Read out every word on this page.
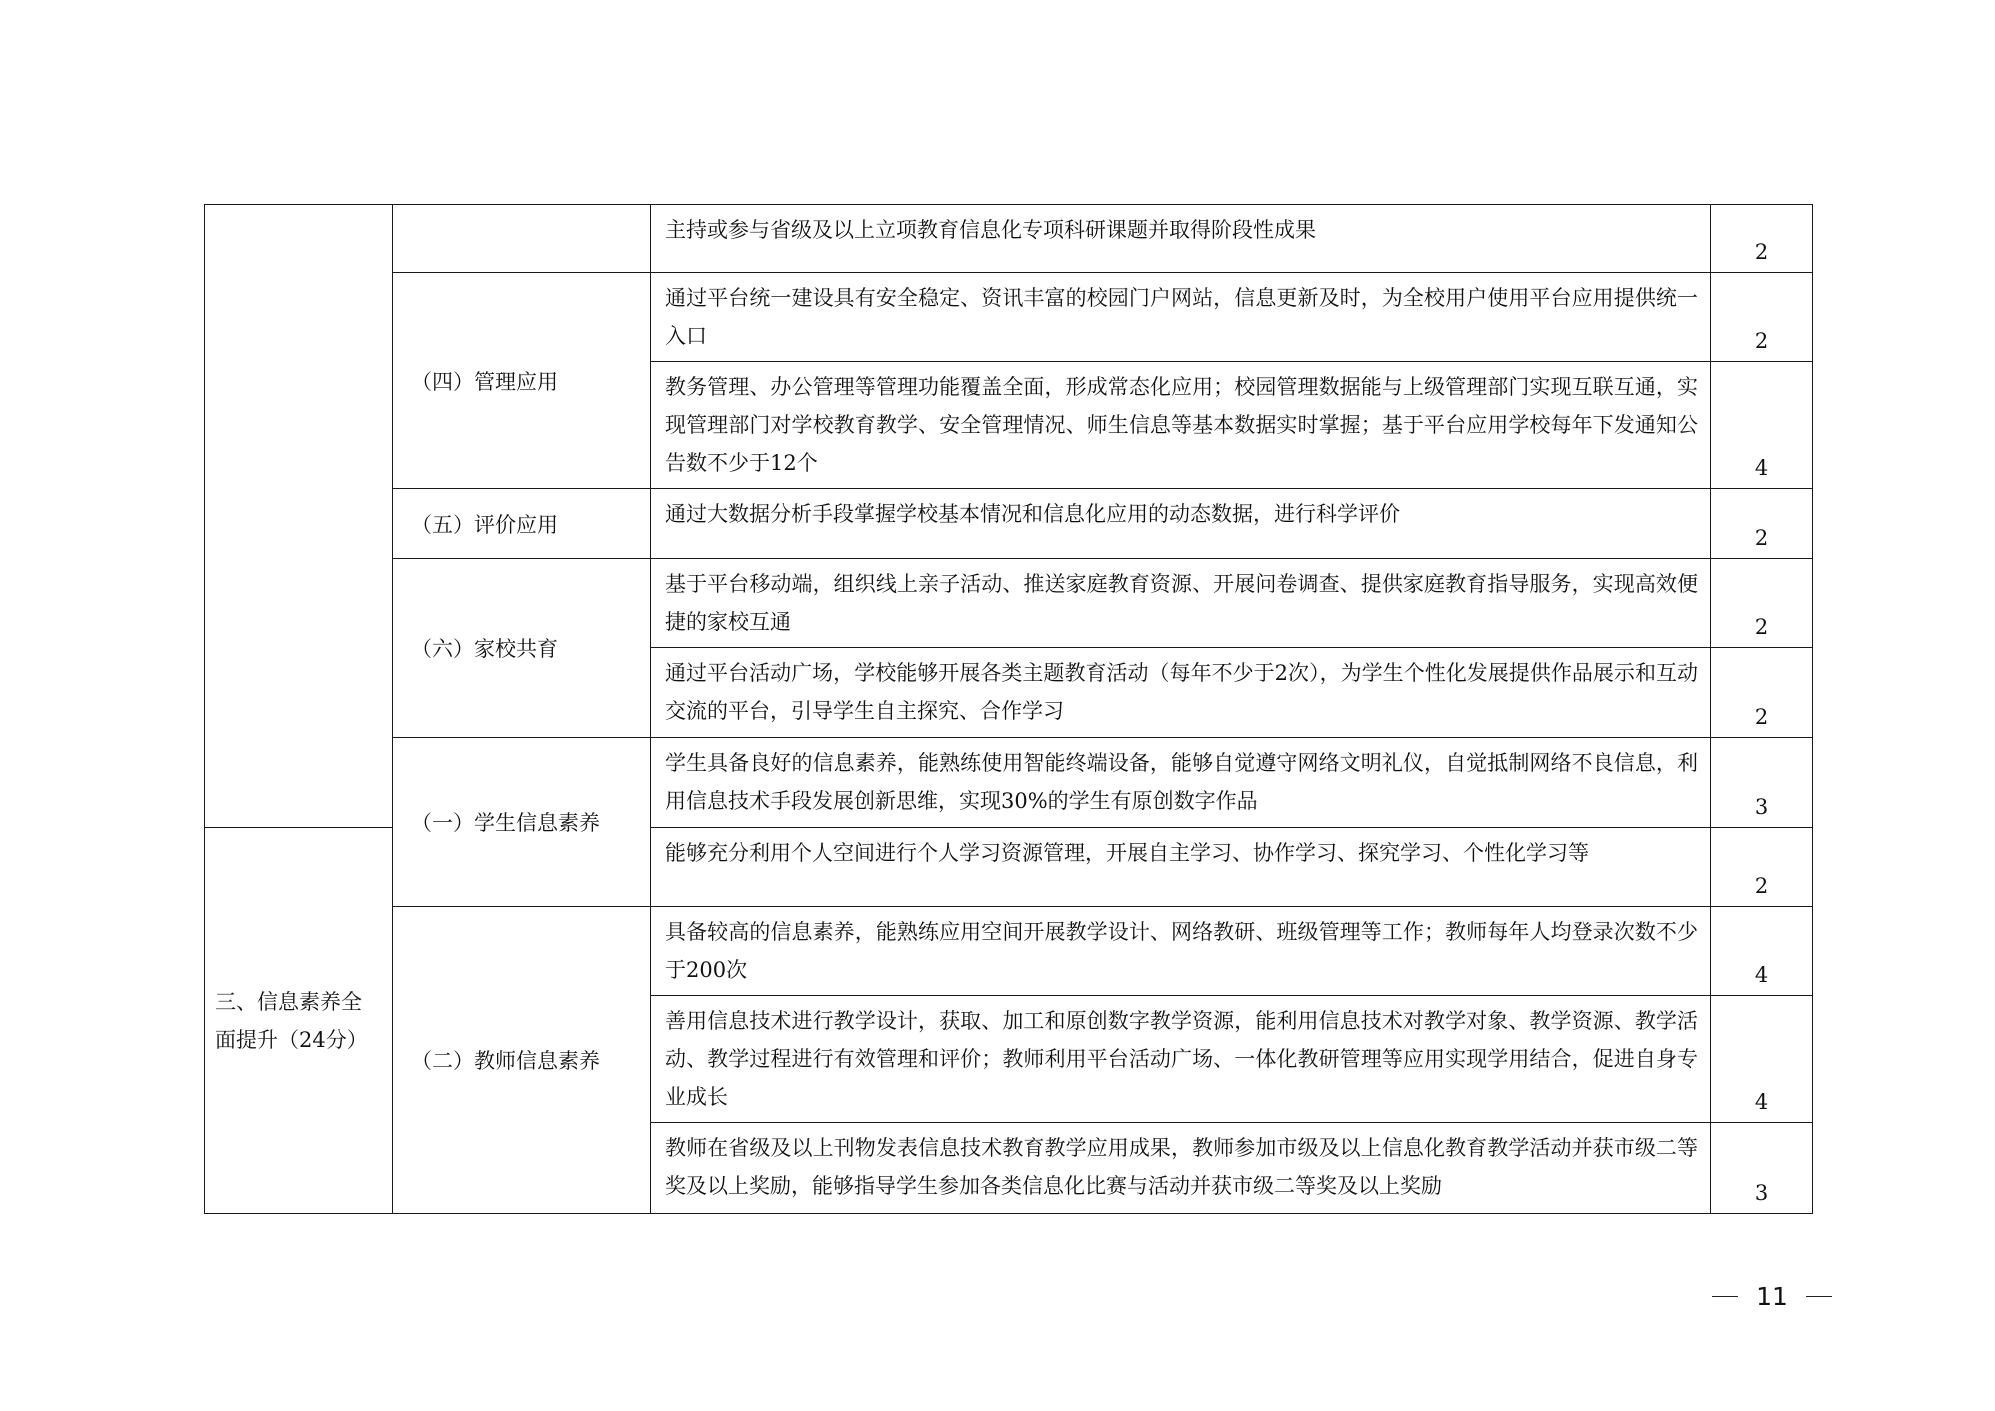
		主持或参与省级及以上立项教育信息化专项科研课题并取得阶段性成果	2
	（四）管理应用	通过平台统一建设具有安全稳定、资讯丰富的校园门户网站，信息更新及时，为全校用户使用平台应用提供统一入口	2
		教务管理、办公管理等管理功能覆盖全面，形成常态化应用；校园管理数据能与上级管理部门实现互联互通，实现管理部门对学校教育教学、安全管理情况、师生信息等基本数据实时掌握；基于平台应用学校每年下发通知公告数不少于12个	4
	（五）评价应用	通过大数据分析手段掌握学校基本情况和信息化应用的动态数据，进行科学评价	2
	（六）家校共育	基于平台移动端，组织线上亲子活动、推送家庭教育资源、开展问卷调查、提供家庭教育指导服务，实现高效便捷的家校互通	2
		通过平台活动广场，学校能够开展各类主题教育活动（每年不少于2次），为学生个性化发展提供作品展示和互动交流的平台，引导学生自主探究、合作学习	2
	（一）学生信息素养	学生具备良好的信息素养，能熟练使用智能终端设备，能够自觉遵守网络文明礼仪，自觉抵制网络不良信息，利用信息技术手段发展创新思维，实现30%的学生有原创数字作品	3
三、信息素养全面提升（24分）		能够充分利用个人空间进行个人学习资源管理，开展自主学习、协作学习、探究学习、个性化学习等	2
	（二）教师信息素养	具备较高的信息素养，能熟练应用空间开展教学设计、网络教研、班级管理等工作；教师每年人均登录次数不少于200次	4
		善用信息技术进行教学设计，获取、加工和原创数字教学资源，能利用信息技术对教学对象、教学资源、教学活动、教学过程进行有效管理和评价；教师利用平台活动广场、一体化教研管理等应用实现学用结合，促进自身专业成长	4
		教师在省级及以上刊物发表信息技术教育教学应用成果，教师参加市级及以上信息化教育教学活动并获市级二等奖及以上奖励，能够指导学生参加各类信息化比赛与活动并获市级二等奖及以上奖励	3
11
